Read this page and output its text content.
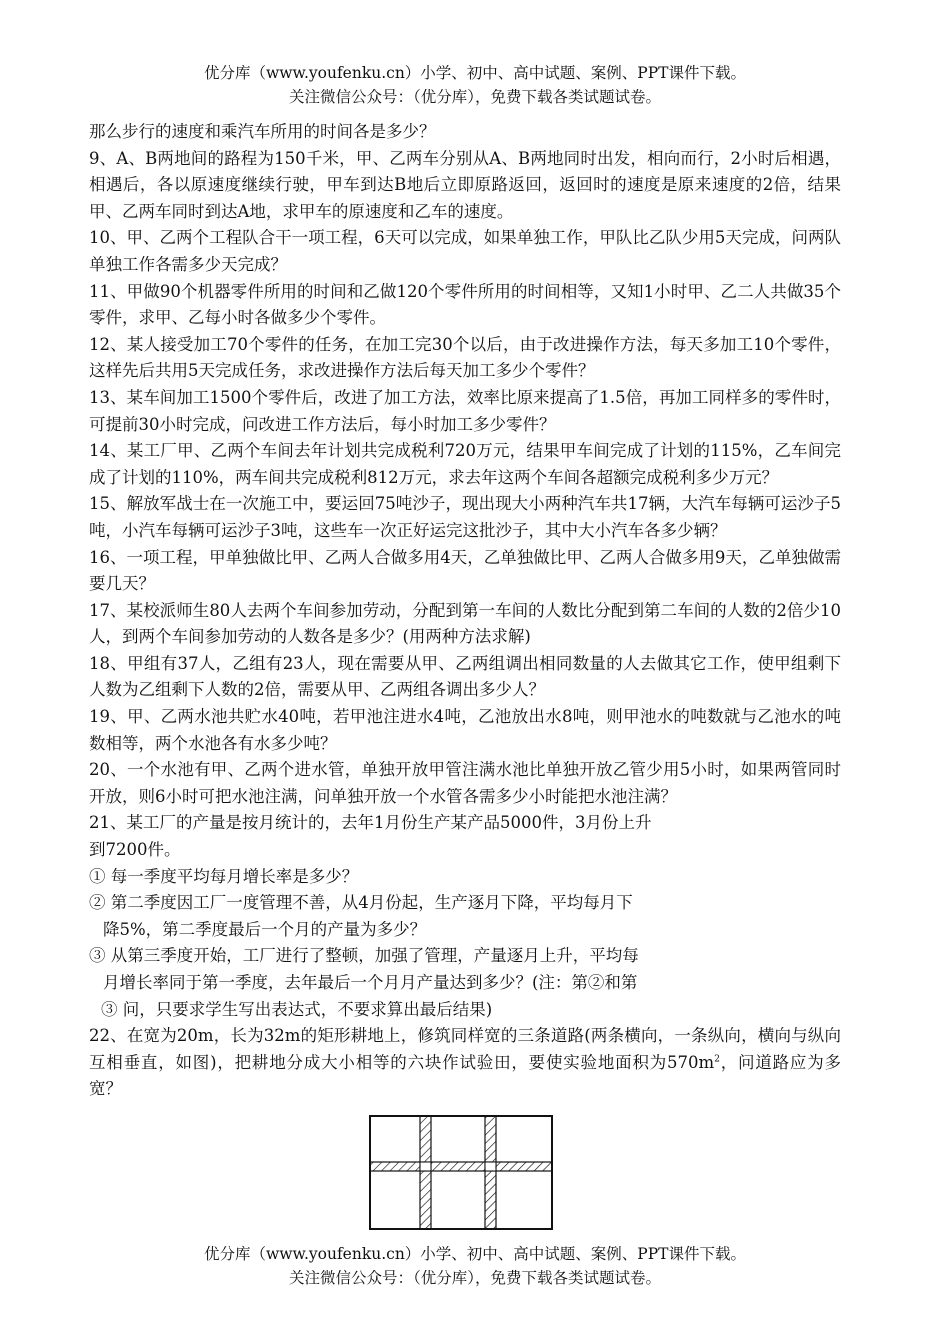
优分库（www.youfenku.cn）小学、初中、高中试题、案例、PPT课件下载。
关注微信公众号：（优分库），免费下载各类试题试卷。

那么步行的速度和乘汽车所用的时间各是多少？

9、A、B两地间的路程为150千米，甲、乙两车分别从A、B两地同时出发，相向而行，2小时后相遇，相遇后，各以原速度继续行驶，甲车到达B地后立即原路返回，返回时的速度是原来速度的2倍，结果甲、乙两车同时到达A地，求甲车的原速度和乙车的速度。

10、甲、乙两个工程队合干一项工程，6天可以完成，如果单独工作，甲队比乙队少用5天完成，问两队单独工作各需多少天完成？

11、甲做90个机器零件所用的时间和乙做120个零件所用的时间相等，又知1小时甲、乙二人共做35个零件，求甲、乙每小时各做多少个零件。

12、某人接受加工70个零件的任务，在加工完30个以后，由于改进操作方法，每天多加工10个零件，这样先后共用5天完成任务，求改进操作方法后每天加工多少个零件？

13、某车间加工1500个零件后，改进了加工方法，效率比原来提高了1.5倍，再加工同样多的零件时，可提前30小时完成，问改进工作方法后，每小时加工多少零件？

14、某工厂甲、乙两个车间去年计划共完成税利720万元，结果甲车间完成了计划的115%，乙车间完成了计划的110%，两车间共完成税利812万元，求去年这两个车间各超额完成税利多少万元？

15、解放军战士在一次施工中，要运回75吨沙子，现出现大小两种汽车共17辆，大汽车每辆可运沙子5吨，小汽车每辆可运沙子3吨，这些车一次正好运完这批沙子，其中大小汽车各多少辆？

16、一项工程，甲单独做比甲、乙两人合做多用4天，乙单独做比甲、乙两人合做多用9天，乙单独做需要几天？

17、某校派师生80人去两个车间参加劳动，分配到第一车间的人数比分配到第二车间的人数的2倍少10人，到两个车间参加劳动的人数各是多少？(用两种方法求解)

18、甲组有37人，乙组有23人，现在需要从甲、乙两组调出相同数量的人去做其它工作，使甲组剩下人数为乙组剩下人数的2倍，需要从甲、乙两组各调出多少人？

19、甲、乙两水池共贮水40吨，若甲池注进水4吨，乙池放出水8吨，则甲池水的吨数就与乙池水的吨数相等，两个水池各有水多少吨？

20、一个水池有甲、乙两个进水管，单独开放甲管注满水池比单独开放乙管少用5小时，如果两管同时开放，则6小时可把水池注满，问单独开放一个水管各需多少小时能把水池注满？

21、某工厂的产量是按月统计的，去年1月份生产某产品5000件，3月份上升

到7200件。

① 每一季度平均每月增长率是多少？

② 第二季度因工厂一度管理不善，从4月份起，生产逐月下降，平均每月下

降5%，第二季度最后一个月的产量为多少？

③ 从第三季度开始，工厂进行了整顿，加强了管理，产量逐月上升，平均每

月增长率同于第一季度，去年最后一个月月产量达到多少？(注：第②和第

③ 问，只要求学生写出表达式，不要求算出最后结果)

22、在宽为20m，长为32m的矩形耕地上，修筑同样宽的三条道路(两条横向，一条纵向，横向与纵向互相垂直，如图)，把耕地分成大小相等的六块作试验田，要使实验地面积为$570m^2$，问道路应为多宽？

优分库（www.youfenku.cn）小学、初中、高中试题、案例、PPT课件下载。
关注微信公众号：（优分库），免费下载各类试题试卷。
